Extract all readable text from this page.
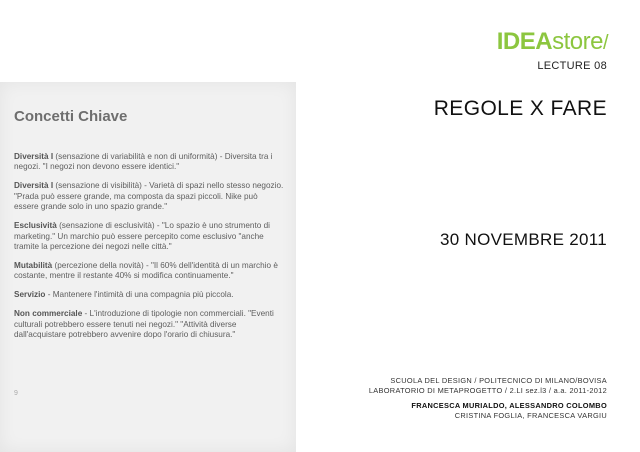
Concetti Chiave

Diversità I (sensazione di variabilità e non di uniformità) - Diversita tra i negozi. "I negozi non devono essere identici."

Diversità I (sensazione di visibilità) - Varietà di spazi nello stesso negozio. "Prada può essere grande, ma composta da spazi piccoli. Nike può essere grande solo in uno spazio grande."

Esclusività (sensazione di esclusività) - "Lo spazio è uno strumento di marketing." Un marchio può essere percepito come esclusivo "anche tramite la percezione dei negozi nelle città."

Mutabilità (percezione della novità) - "Il 60% dell'identità di un marchio è costante, mentre il restante 40% si modifica continuamente."

Servizio - Mantenere l'intimità di una compagnia più piccola.

Non commerciale - L'introduzione di tipologie non commerciali. "Eventi culturali potrebbero essere tenuti nei negozi." "Attività diverse dall'acquistare potrebbero avvenire dopo l'orario di chiusura."

9
IDEAstore/
LECTURE 08
REGOLE X FARE
30 NOVEMBRE 2011
SCUOLA DEL DESIGN / POLITECNICO DI MILANO/BOVISA
LABORATORIO DI METAPROGETTO / 2.LI sez.l3 / a.a. 2011-2012
FRANCESCA MURIALDO, ALESSANDRO COLOMBO
CRISTINA FOGLIA, FRANCESCA VARGIU
